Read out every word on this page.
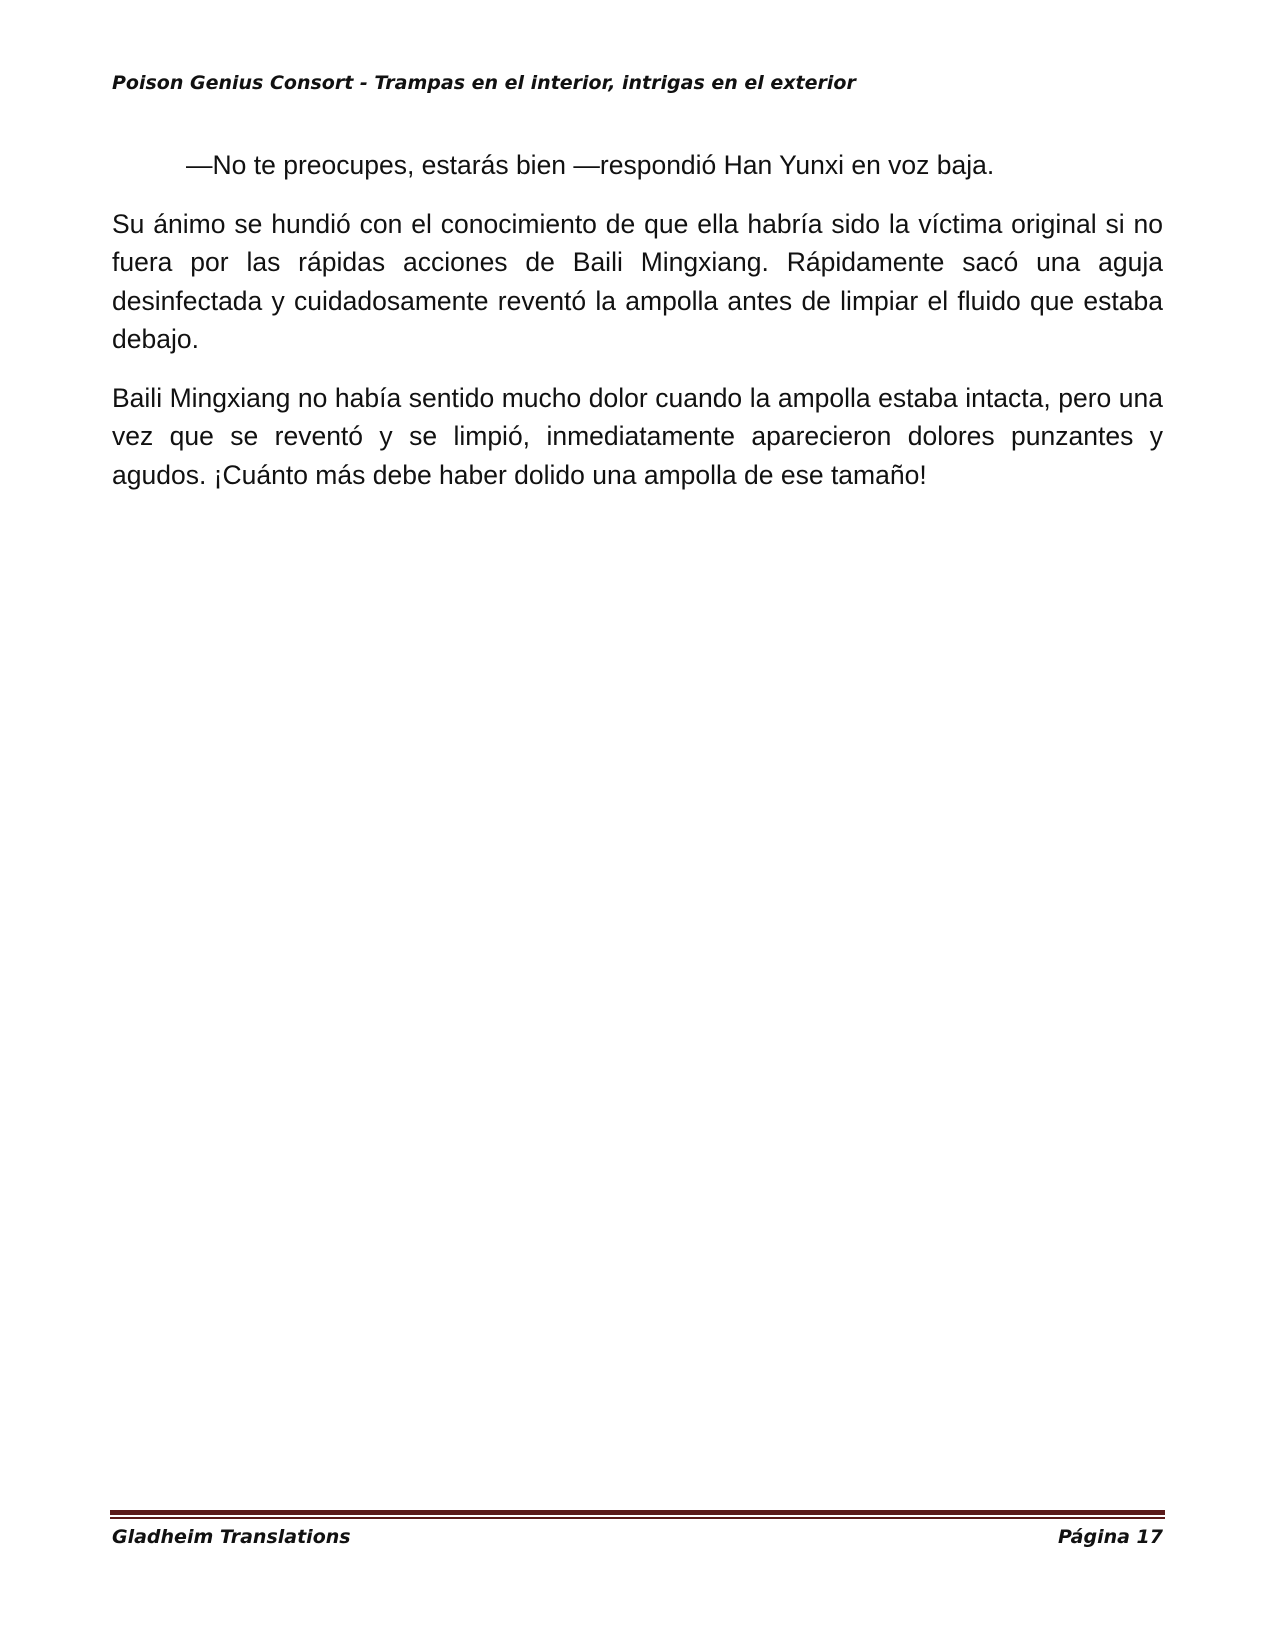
Poison Genius Consort - Trampas en el interior, intrigas en el exterior

—No te preocupes, estarás bien —respondió Han Yunxi en voz baja.

Su ánimo se hundió con el conocimiento de que ella habría sido la víctima original si no fuera por las rápidas acciones de Baili Mingxiang. Rápidamente sacó una aguja desinfectada y cuidadosamente reventó la ampolla antes de limpiar el fluido que estaba debajo.

Baili Mingxiang no había sentido mucho dolor cuando la ampolla estaba intacta, pero una vez que se reventó y se limpió, inmediatamente aparecieron dolores punzantes y agudos. ¡Cuánto más debe haber dolido una ampolla de ese tamaño!

Gladheim Translations	Página 17
